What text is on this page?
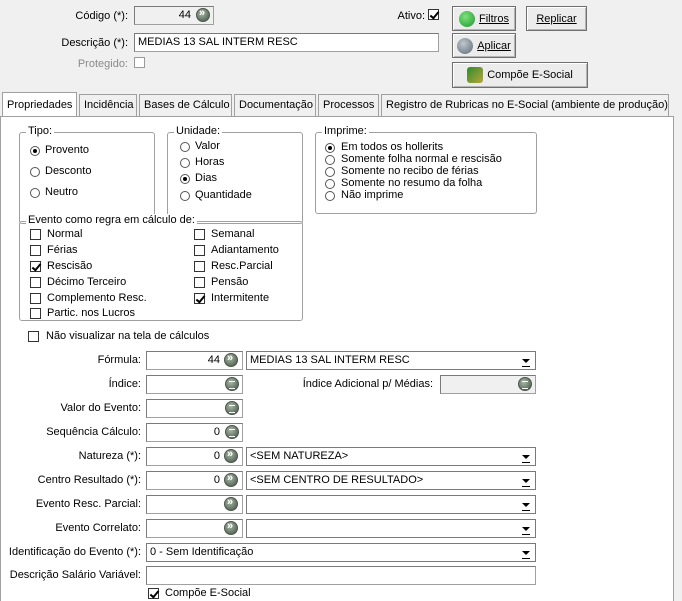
Código (*):	44
»
Descrição (*): MEDIAS 13 SAL INTERM RESC
Protegido:
Ativo:	Filtros Replicar
Aplicar
Compõe E-Social
Propriedades	Incidência Bases de Cálculo Documentação Processos	Registro de Rubricas no E-Social (ambiente de produção)
Tipo:
Provento
Desconto
Neutro
Unidade:
Valor
Horas
Dias
Quantidade
Imprime:
Em todos os hollerits
Somente folha normal e rescisão
Somente no recibo de férias
Somente no resumo da folha
Não imprime
Evento como regra em cálculo de:
Normal
Férias
Rescisão
Décimo Terceiro
Complemento Resc.
Partic. nos Lucros
Semanal
Adiantamento
Resc.Parcial
Pensão
Intermitente
Não visualizar na tela de cálculos
Fórmula:	44 »	MEDIAS 13 SAL INTERM RESC
Índice:	Índice Adicional p/ Médias:
Valor do Evento:
Sequência Cálculo:	0
Natureza (*):	0 »	<SEM NATUREZA>
Centro Resultado (*):	0 »	<SEM CENTRO DE RESULTADO>
Evento Resc. Parcial:
»
Evento Correlato:
»
Identificação do Evento (*): 0 - Sem Identificação
Descrição Salário Variável:
Compõe E-Social
